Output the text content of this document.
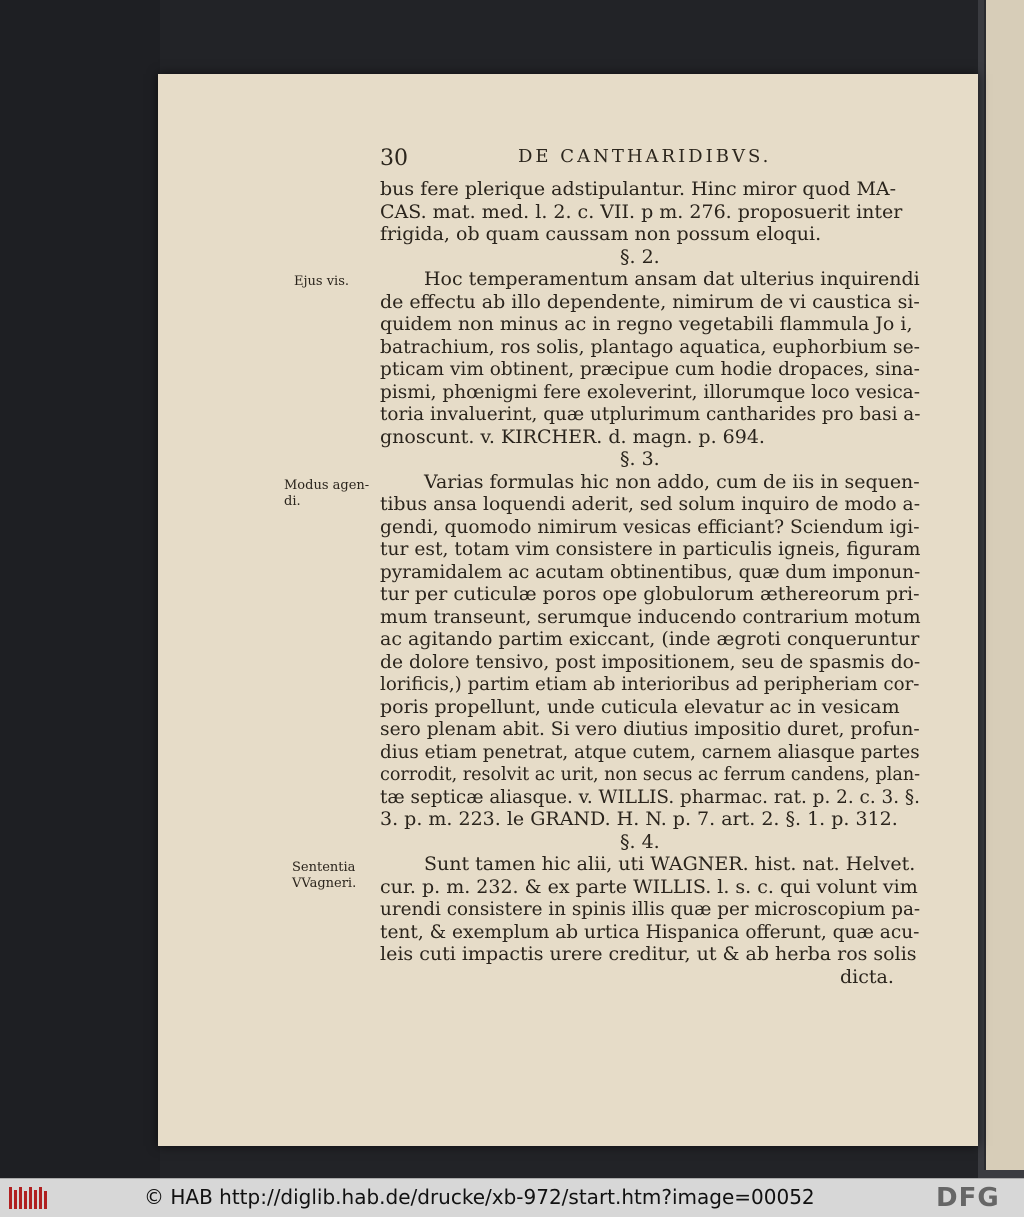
30	DE CANTHARIDIBVS.
Ejus vis.
Modus agen-
di.
Sententia
VVagneri.
bus fere plerique adstipulantur. Hinc miror quod MA-
CAS. mat. med. l. 2. c. VII. p m. 276. proposuerit inter
frigida, ob quam caussam non possum eloqui.
§. 2.
Hoc temperamentum ansam dat ulterius inquirendi
de effectu ab illo dependente, nimirum de vi caustica si-
quidem non minus ac in regno vegetabili flammula Jo i,
batrachium, ros solis, plantago aquatica, euphorbium se-
pticam vim obtinent, præcipue cum hodie dropaces, sina-
pismi, phœnigmi fere exoleverint, illorumque loco vesica-
toria invaluerint, quæ utplurimum cantharides pro basi a-
gnoscunt. v. KIRCHER. d. magn. p. 694.
§. 3.
Varias formulas hic non addo, cum de iis in sequen-
tibus ansa loquendi aderit, sed solum inquiro de modo a-
gendi, quomodo nimirum vesicas efficiant? Sciendum igi-
tur est, totam vim consistere in particulis igneis, figuram
pyramidalem ac acutam obtinentibus, quæ dum imponun-
tur per cuticulæ poros ope globulorum æthereorum pri-
mum transeunt, serumque inducendo contrarium motum
ac agitando partim exiccant, (inde ægroti conqueruntur
de dolore tensivo, post impositionem, seu de spasmis do-
lorificis,) partim etiam ab interioribus ad peripheriam cor-
poris propellunt, unde cuticula elevatur ac in vesicam
sero plenam abit. Si vero diutius impositio duret, profun-
dius etiam penetrat, atque cutem, carnem aliasque partes
corrodit, resolvit ac urit, non secus ac ferrum candens, plan-
tæ septicæ aliasque. v. WILLIS. pharmac. rat. p. 2. c. 3. §.
3. p. m. 223. le GRAND. H. N. p. 7. art. 2. §. 1. p. 312.
§. 4.
Sunt tamen hic alii, uti WAGNER. hist. nat. Helvet.
cur. p. m. 232. & ex parte WILLIS. l. s. c. qui volunt vim
urendi consistere in spinis illis quæ per microscopium pa-
tent, & exemplum ab urtica Hispanica offerunt, quæ acu-
leis cuti impactis urere creditur, ut & ab herba ros solis
dicta.
© HAB http://diglib.hab.de/drucke/xb-972/start.htm?image=00052	DFG
